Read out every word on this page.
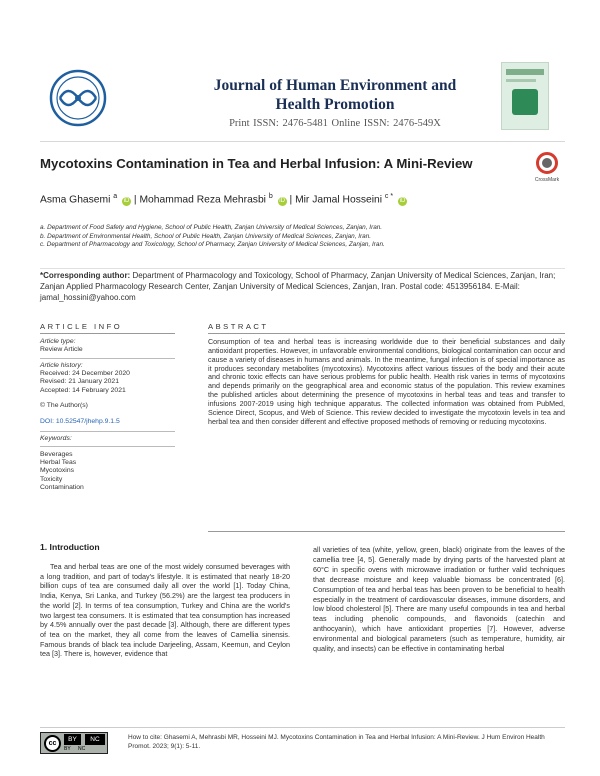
Journal of Human Environment and
Health Promotion
Print ISSN: 2476-5481 Online ISSN: 2476-549X
Mycotoxins Contamination in Tea and Herbal Infusion: A Mini-Review
CrossMark
Asma Ghasemi $^a$ iD | Mohammad Reza Mehrasbi $^b$ iD | Mir Jamal Hosseini $^{c *}$ iD
a. Department of Food Safety and Hygiene, School of Public Health, Zanjan University of Medical Sciences, Zanjan, Iran.
b. Department of Environmental Health, School of Public Health, Zanjan University of Medical Sciences, Zanjan, Iran.
c. Department of Pharmacology and Toxicology, School of Pharmacy, Zanjan University of Medical Sciences, Zanjan, Iran.
*Corresponding author: Department of Pharmacology and Toxicology, School of Pharmacy, Zanjan University of Medical Sciences, Zanjan, Iran; Zanjan Applied Pharmacology Research Center, Zanjan University of Medical Sciences, Zanjan, Iran. Postal code: 4513956184. E-Mail: jamal_hossini@yahoo.com
ARTICLE INFO
Article type:
Review Article
Article history:
Received: 24 December 2020
Revised: 21 January 2021
Accepted: 14 February 2021
© The Author(s)
DOI: 10.52547/jhehp.9.1.5
Keywords:
Beverages
Herbal Teas
Mycotoxins
Toxicity
Contamination
ABSTRACT
Consumption of tea and herbal teas is increasing worldwide due to their beneficial substances and daily antioxidant properties. However, in unfavorable environmental conditions, biological contamination can occur and cause a variety of diseases in humans and animals. In the meantime, fungal infection is of special importance as it produces secondary metabolites (mycotoxins). Mycotoxins affect various tissues of the body and their acute and chronic toxic effects can have serious problems for public health. Health risk varies in terms of mycotoxins and depends primarily on the geographical area and economic status of the population. This review examines the published articles about determining the presence of mycotoxins in herbal teas and teas and transfer to infusions 2007-2019 using high technique apparatus. The collected information was obtained from PubMed, Science Direct, Scopus, and Web of Science. This review decided to investigate the mycotoxin levels in tea and herbal tea and then consider different and effective proposed methods of removing or reducing mycotoxins.
1. Introduction
Tea and herbal teas are one of the most widely consumed beverages with a long tradition, and part of today's lifestyle. It is estimated that nearly 18-20 billion cups of tea are consumed daily all over the world [1]. Today China, India, Kenya, Sri Lanka, and Turkey (56.2%) are the largest tea producers in the world [2]. In terms of tea consumption, Turkey and China are the world's two largest tea consumers. It is estimated that tea consumption has increased by 4.5% annually over the past decade [3]. Although, there are different types of tea on the market, they all come from the leaves of Camellia sinensis. Famous brands of black tea include Darjeeling, Assam, Keemun, and Ceylon tea [3]. There is, however, evidence that
all varieties of tea (white, yellow, green, black) originate from the leaves of the camellia tree [4, 5]. Generally made by drying parts of the harvested plant at 60°C in specific ovens with microwave irradiation or further valid techniques that decrease moisture and keep valuable biomass be concentrated [6]. Consumption of tea and herbal teas has been proven to be beneficial to health especially in the treatment of cardiovascular diseases, immune disorders, and low blood cholesterol [5]. There are many useful compounds in tea and herbal teas including phenolic compounds, and flavonoids (catechin and anthocyanin), which have antioxidant properties [7]. However, adverse environmental and biological parameters (such as temperature, humidity, air quality, and insects) can be effective in contaminating herbal
cc
BY	NC
BY NC
How to cite: Ghasemi A, Mehrasbi MR, Hosseini MJ. Mycotoxins Contamination in Tea and Herbal Infusion: A Mini-Review. J Hum Environ Health Promot. 2023; 9(1): 5-11.
